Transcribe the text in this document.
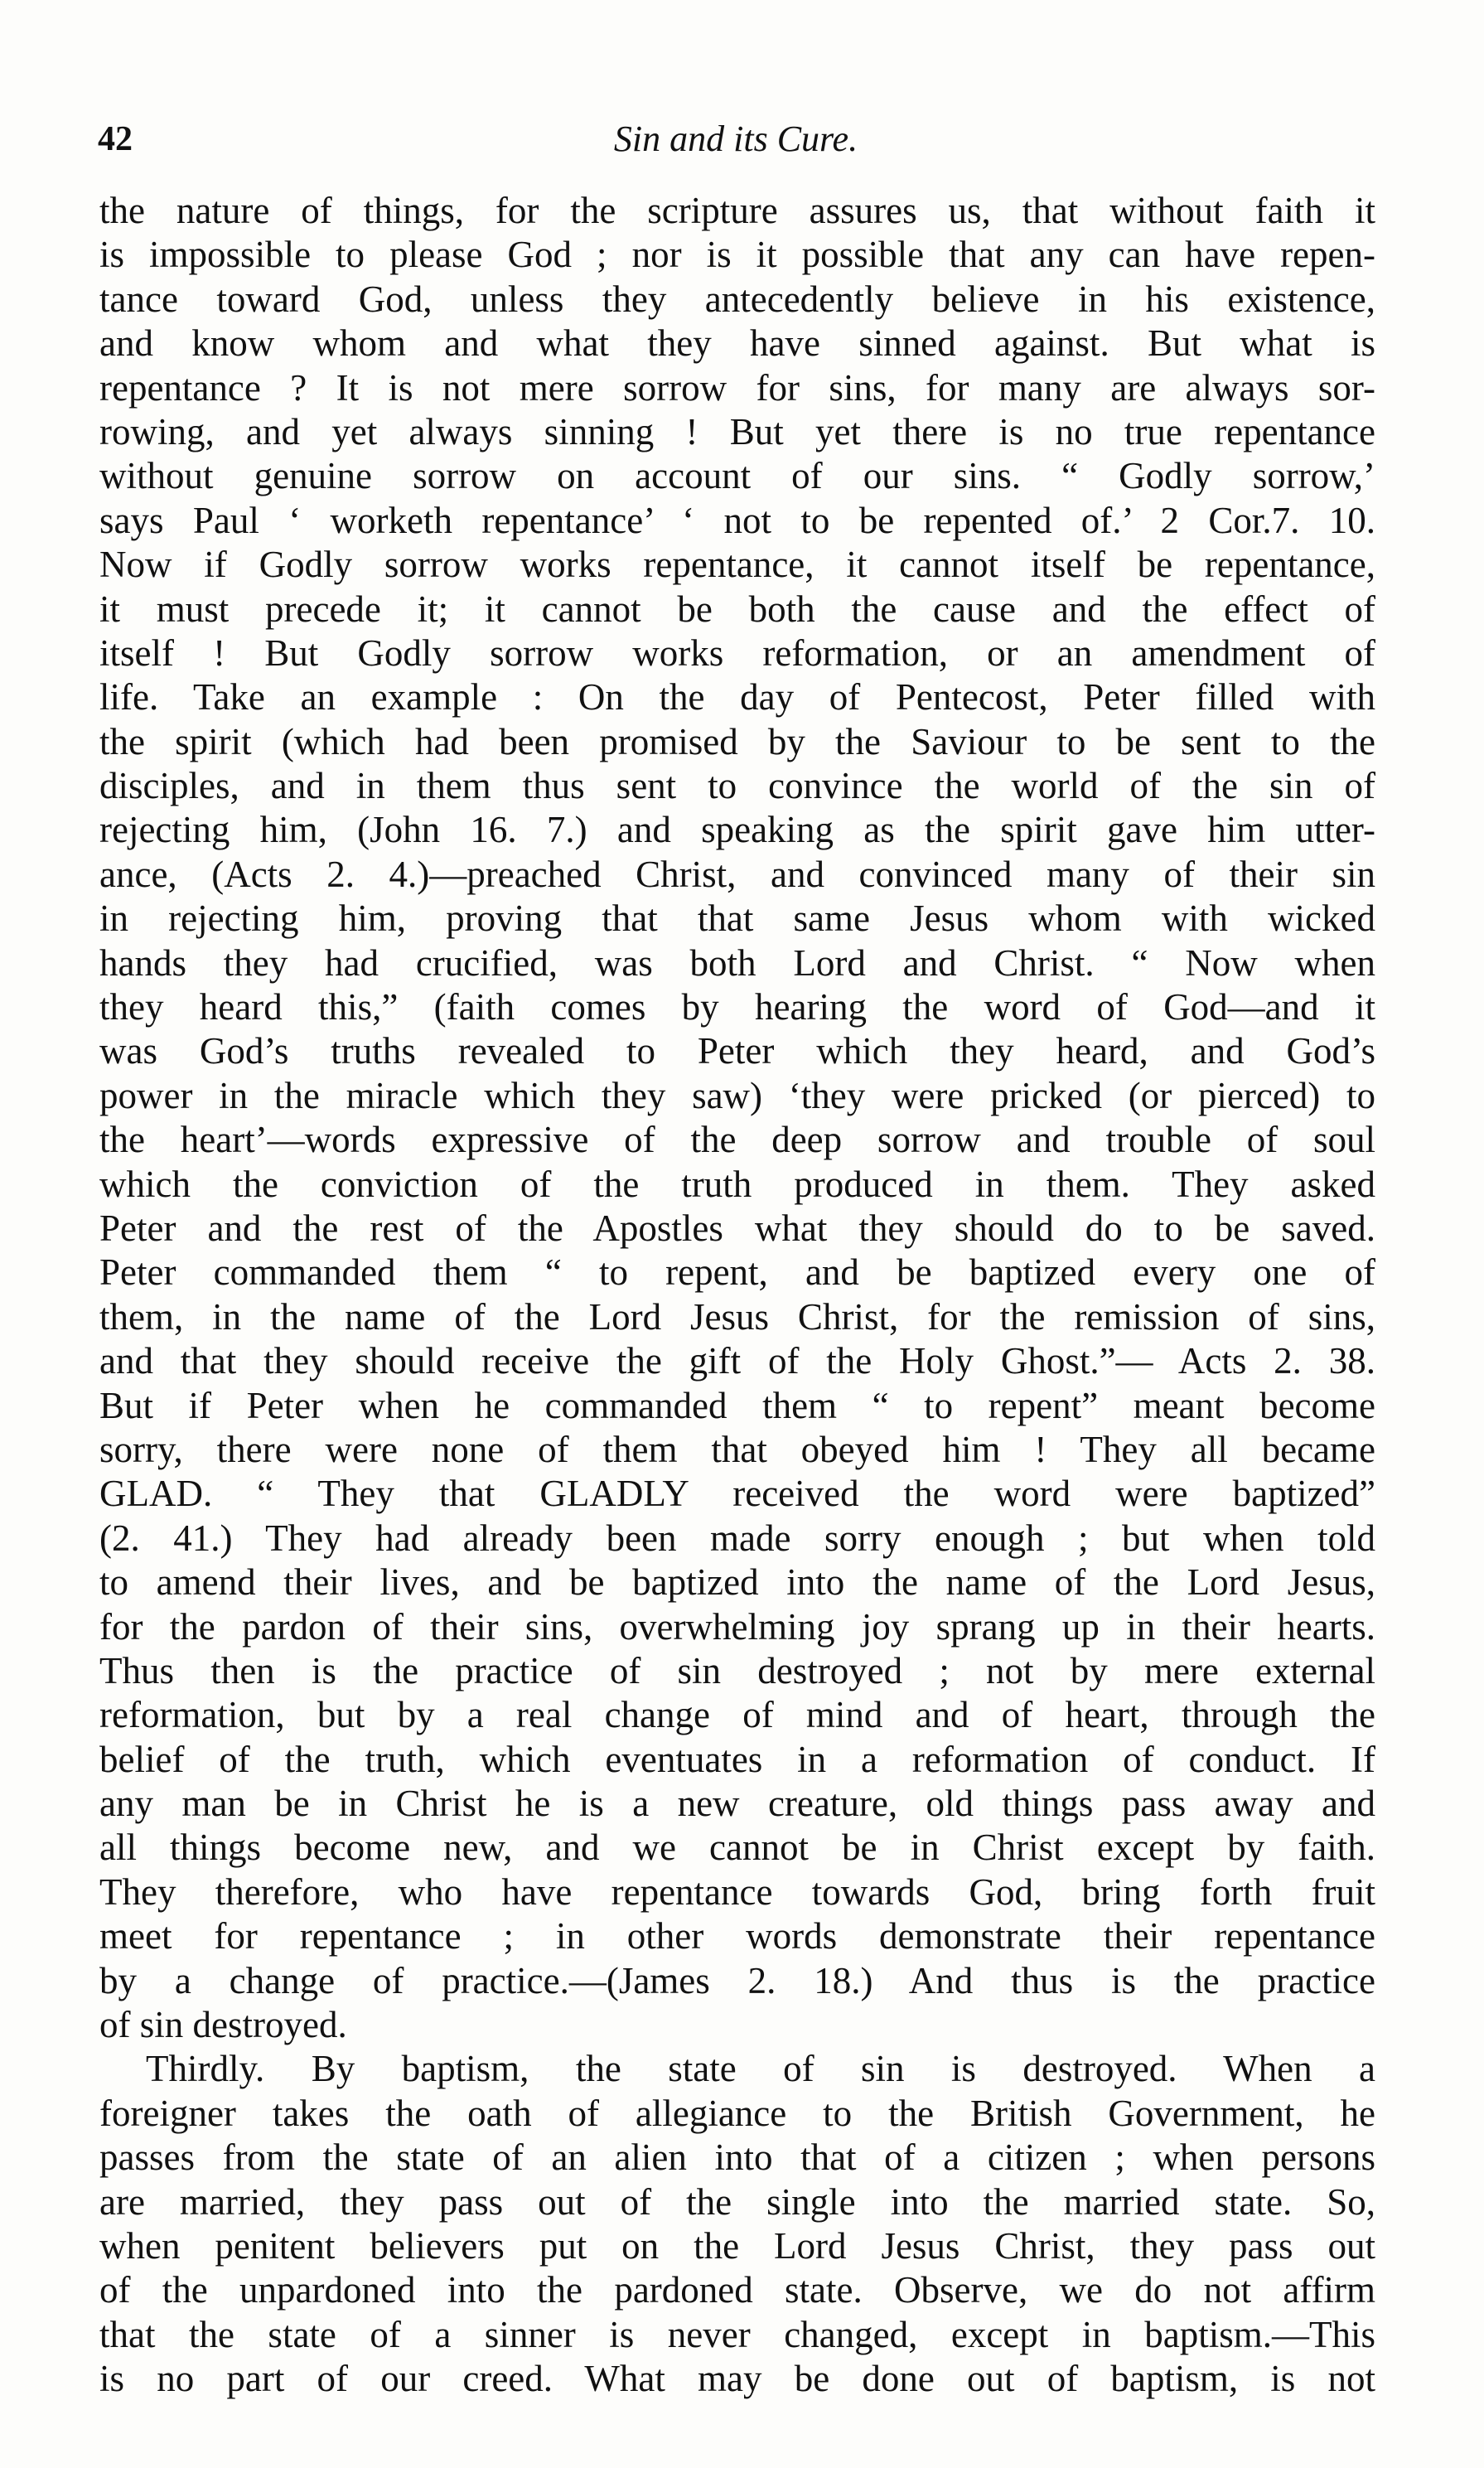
42	Sin and its Cure.
the nature of things, for the scripture assures us, that without faith it
is impossible to please God ; nor is it possible that any can have repen-
tance toward God, unless they antecedently believe in his existence,
and know whom and what they have sinned against. But what is
repentance ? It is not mere sorrow for sins, for many are always sor-
rowing, and yet always sinning ! But yet there is no true repentance
without genuine sorrow on account of our sins. “ Godly sorrow,’
says Paul ‘ worketh repentance’ ‘ not to be repented of.’ 2 Cor.7. 10.
Now if Godly sorrow works repentance, it cannot itself be repentance,
it must precede it; it cannot be both the cause and the effect of
itself ! But Godly sorrow works reformation, or an amendment of
life. Take an example : On the day of Pentecost, Peter filled with
the spirit (which had been promised by the Saviour to be sent to the
disciples, and in them thus sent to convince the world of the sin of
rejecting him, (John 16. 7.) and speaking as the spirit gave him utter-
ance, (Acts 2. 4.)—preached Christ, and convinced many of their sin
in rejecting him, proving that that same Jesus whom with wicked
hands they had crucified, was both Lord and Christ. “ Now when
they heard this,” (faith comes by hearing the word of God—and it
was God’s truths revealed to Peter which they heard, and God’s
power in the miracle which they saw) ‘they were pricked (or pierced) to
the heart’—words expressive of the deep sorrow and trouble of soul
which the conviction of the truth produced in them. They asked
Peter and the rest of the Apostles what they should do to be saved.
Peter commanded them “ to repent, and be baptized every one of
them, in the name of the Lord Jesus Christ, for the remission of sins,
and that they should receive the gift of the Holy Ghost.”— Acts 2. 38.
But if Peter when he commanded them “ to repent” meant become
sorry, there were none of them that obeyed him ! They all became
GLAD. “ They that GLADLY received the word were baptized”
(2. 41.) They had already been made sorry enough ; but when told
to amend their lives, and be baptized into the name of the Lord Jesus,
for the pardon of their sins, overwhelming joy sprang up in their hearts.
Thus then is the practice of sin destroyed ; not by mere external
reformation, but by a real change of mind and of heart, through the
belief of the truth, which eventuates in a reformation of conduct. If
any man be in Christ he is a new creature, old things pass away and
all things become new, and we cannot be in Christ except by faith.
They therefore, who have repentance towards God, bring forth fruit
meet for repentance ; in other words demonstrate their repentance
by a change of practice.—(James 2. 18.) And thus is the practice
of sin destroyed.
Thirdly. By baptism, the state of sin is destroyed. When a
foreigner takes the oath of allegiance to the British Government, he
passes from the state of an alien into that of a citizen ; when persons
are married, they pass out of the single into the married state. So,
when penitent believers put on the Lord Jesus Christ, they pass out
of the unpardoned into the pardoned state. Observe, we do not affirm
that the state of a sinner is never changed, except in baptism.—This
is no part of our creed. What may be done out of baptism, is not
